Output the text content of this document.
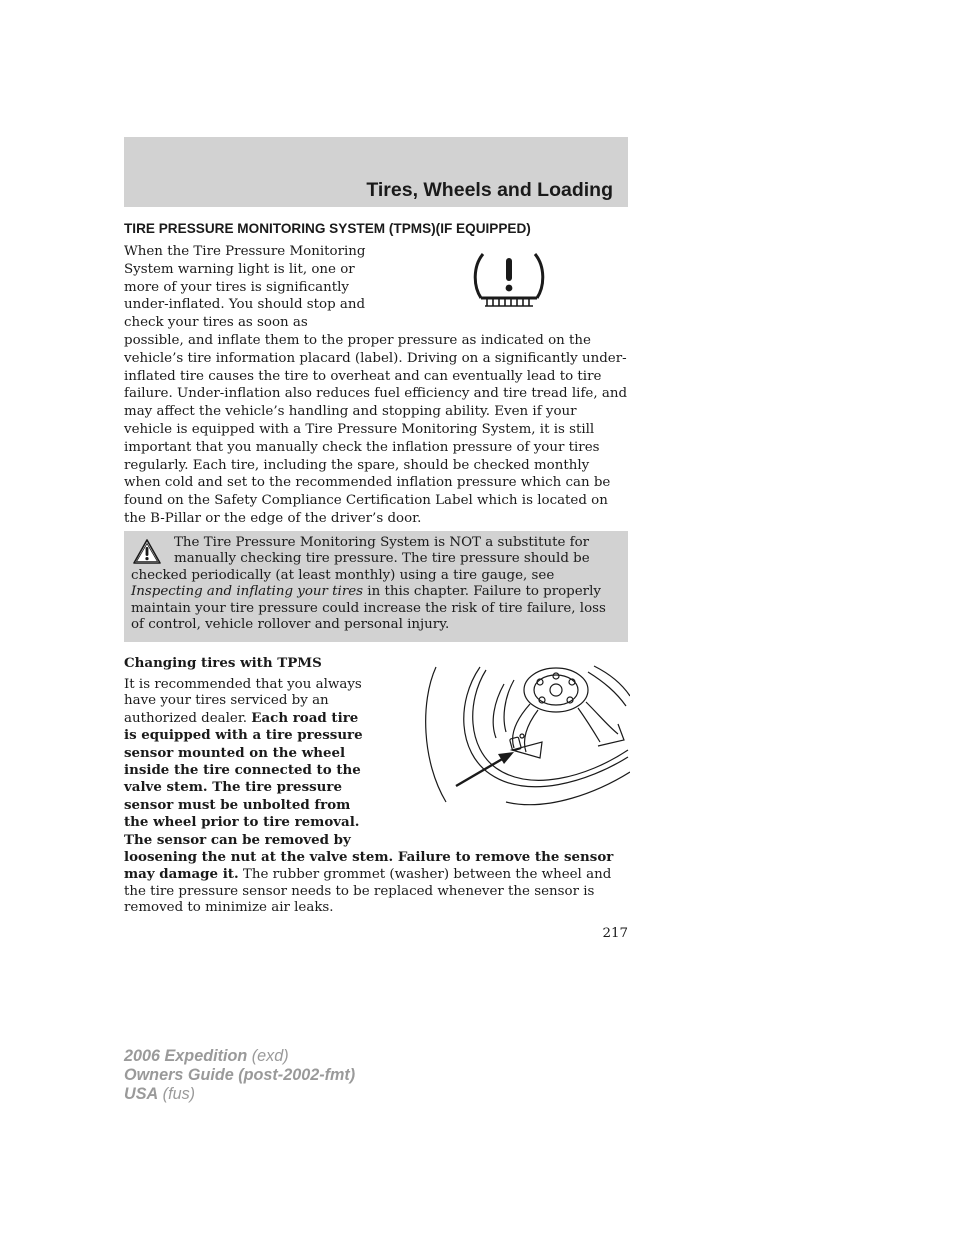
Tires, Wheels and Loading
TIRE PRESSURE MONITORING SYSTEM (TPMS)(IF EQUIPPED)

When the Tire Pressure Monitoring System warning light is lit, one or more of your tires is significantly under-inflated. You should stop and check your tires as soon as possible, and inflate them to the proper pressure as indicated on the vehicle’s tire information placard (label). Driving on a significantly under-inflated tire causes the tire to overheat and can eventually lead to tire failure. Under-inflation also reduces fuel efficiency and tire tread life, and may affect the vehicle’s handling and stopping ability. Even if your vehicle is equipped with a Tire Pressure Monitoring System, it is still important that you manually check the inflation pressure of your tires regularly. Each tire, including the spare, should be checked monthly when cold and set to the recommended inflation pressure which can be found on the Safety Compliance Certification Label which is located on the B-Pillar or the edge of the driver’s door.

The Tire Pressure Monitoring System is NOT a substitute for manually checking tire pressure. The tire pressure should be checked periodically (at least monthly) using a tire gauge, see Inspecting and inflating your tires in this chapter. Failure to properly maintain your tire pressure could increase the risk of tire failure, loss of control, vehicle rollover and personal injury.

Changing tires with TPMS

It is recommended that you always have your tires serviced by an authorized dealer. Each road tire is equipped with a tire pressure sensor mounted on the wheel inside the tire connected to the valve stem. The tire pressure sensor must be unbolted from the wheel prior to tire removal. The sensor can be removed by loosening the nut at the valve stem. Failure to remove the sensor may damage it. The rubber grommet (washer) between the wheel and the tire pressure sensor needs to be replaced whenever the sensor is removed to minimize air leaks.

217
2006 Expedition (exd)
Owners Guide (post-2002-fmt)
USA (fus)
